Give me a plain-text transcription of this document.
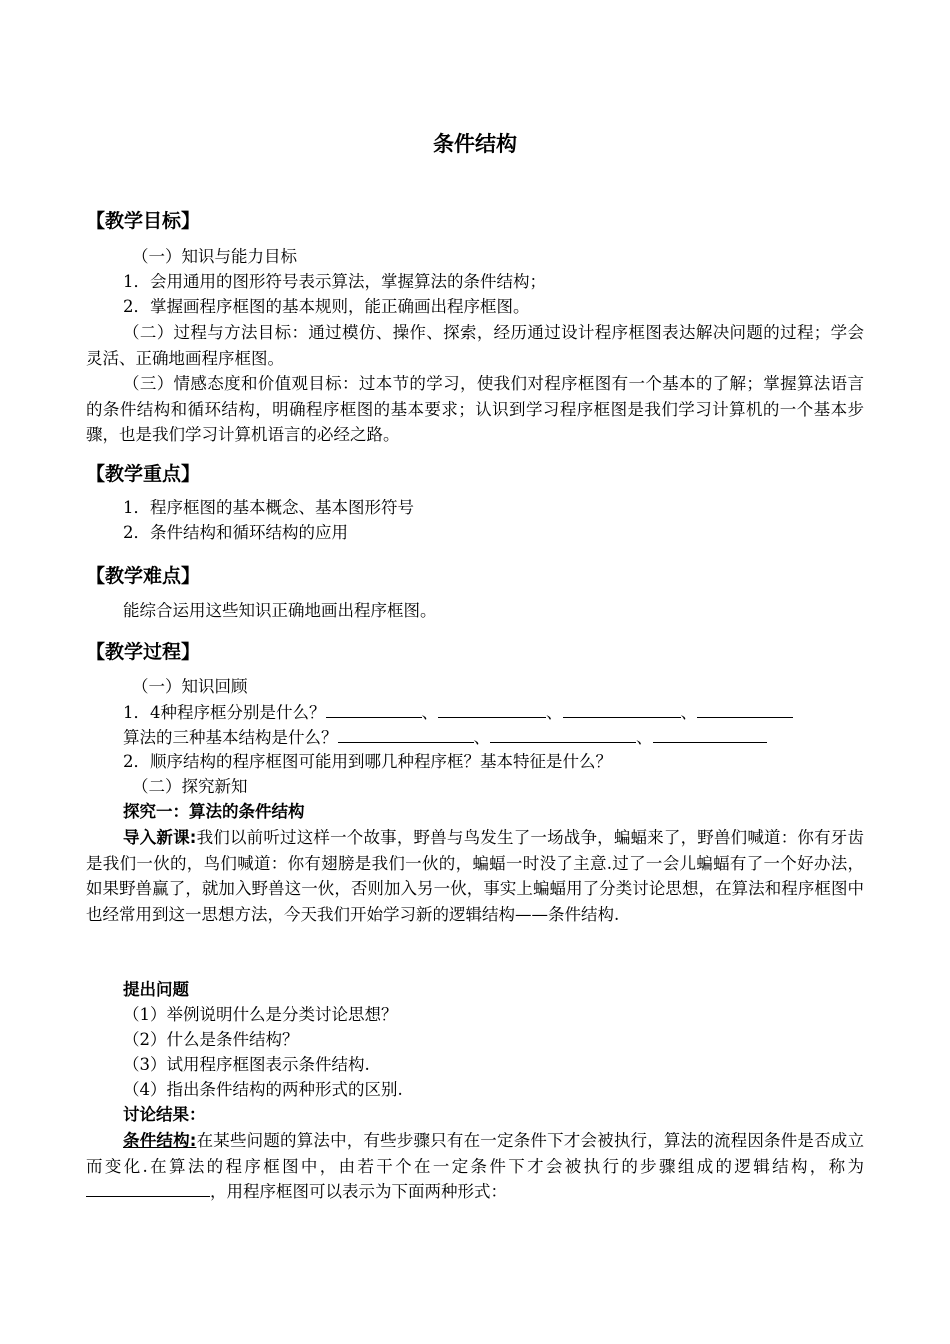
条件结构
【教学目标】
（一）知识与能力目标
1．会用通用的图形符号表示算法，掌握算法的条件结构；
2．掌握画程序框图的基本规则，能正确画出程序框图。
（二）过程与方法目标：通过模仿、操作、探索，经历通过设计程序框图表达解决问题的过程；学会灵活、正确地画程序框图。
（三）情感态度和价值观目标：过本节的学习，使我们对程序框图有一个基本的了解；掌握算法语言的条件结构和循环结构，明确程序框图的基本要求；认识到学习程序框图是我们学习计算机的一个基本步骤，也是我们学习计算机语言的必经之路。
【教学重点】
1．程序框图的基本概念、基本图形符号
2．条件结构和循环结构的应用
【教学难点】
能综合运用这些知识正确地画出程序框图。
【教学过程】
（一）知识回顾
1．4种程序框分别是什么？	、	、	、
算法的三种基本结构是什么？	、	、
2．顺序结构的程序框图可能用到哪几种程序框？基本特征是什么？
（二）探究新知
探究一：算法的条件结构
导入新课:我们以前听过这样一个故事，野兽与鸟发生了一场战争，蝙蝠来了，野兽们喊道：你有牙齿是我们一伙的，鸟们喊道：你有翅膀是我们一伙的，蝙蝠一时没了主意.过了一会儿蝙蝠有了一个好办法，如果野兽赢了，就加入野兽这一伙，否则加入另一伙，事实上蝙蝠用了分类讨论思想，在算法和程序框图中也经常用到这一思想方法，今天我们开始学习新的逻辑结构——条件结构.
提出问题
（1）举例说明什么是分类讨论思想？
（2）什么是条件结构？
（3）试用程序框图表示条件结构.
（4）指出条件结构的两种形式的区别.
讨论结果：
条件结构:在某些问题的算法中，有些步骤只有在一定条件下才会被执行，算法的流程因条件是否成立而变化.在算法的程序框图中，由若干个在一定条件下才会被执行的步骤组成的逻辑结构，称为，用程序框图可以表示为下面两种形式：
